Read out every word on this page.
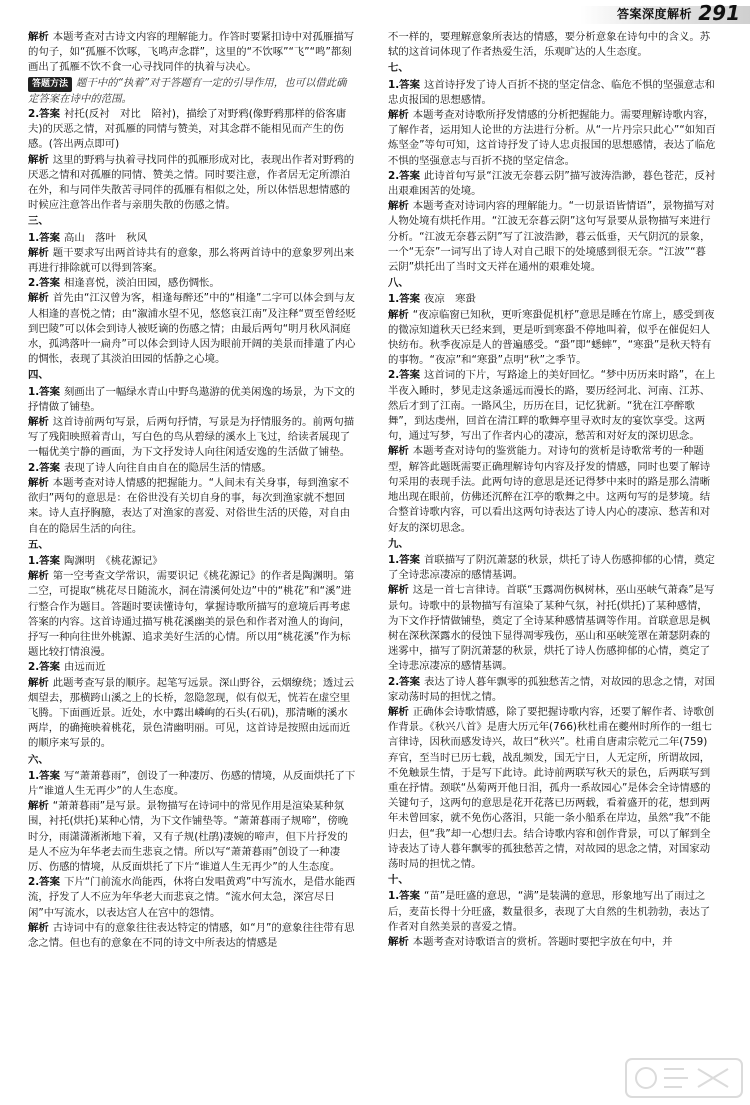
答案深度解析 291
解析 本题考查对古诗文内容的理解能力。作答时要紧扣诗中对孤雁描写的句子，如“孤雁不饮啄，飞鸣声念群”，这里的“不饮啄”“飞”“鸣”都刻画出了孤雁不饮不食一心寻找同伴的执着与决心。
答题方法 题干中的“执着”对于答题有一定的引导作用，也可以借此确定答案在诗中的范围。
2.答案 衬托(反衬　对比　陪衬)，描绘了对野鸦(像野鸦那样的俗客庸夫)的厌恶之情，对孤雁的同情与赞美，对其念群不能相见而产生的伤感。(答出两点即可)
解析 这里的野鸦与执着寻找同伴的孤雁形成对比，表现出作者对野鸦的厌恶之情和对孤雁的同情、赞美之情。同时要注意，作者居无定所漂泊在外，和与同伴失散苦寻同伴的孤雁有相似之处，所以体悟思想情感的时候应注意答出作者与亲朋失散的伤感之情。
三、
1.答案 高山　落叶　秋风
解析 题干要求写出两首诗共有的意象，那么将两首诗中的意象罗列出来再进行排除就可以得到答案。
2.答案 相逢喜悦，淡泊田园，感伤惆怅。
解析 首先由“江汉曾为客，相逢每醉还”中的“相逢”二字可以体会到与友人相逢的喜悦之情；由“溆浦水望不见，悠悠哀江南”及注释“贾至曾经贬到巴陵”可以体会到诗人被贬谪的伤感之情；由最后两句“明月秋风洞庭水，孤鸿落叶一扁舟”可以体会到诗人因为眼前开阔的美景而排遣了内心的惆怅，表现了其淡泊田园的恬静之心境。
四、
1.答案 刻画出了一幅绿水青山中野鸟遨游的优美闲逸的场景，为下文的抒情做了铺垫。
解析 这首诗前两句写景，后两句抒情，写景是为抒情服务的。前两句描写了残阳映照着青山，写白色的鸟从碧绿的溪水上飞过，给读者展现了一幅优美宁静的画面，为下文抒发诗人向往闲适安逸的生活做了铺垫。
2.答案 表现了诗人向往自由自在的隐居生活的情感。
解析 本题考查对诗人情感的把握能力。“人间未有关身事，每到渔家不欲归”两句的意思是：在俗世没有关切自身的事，每次到渔家就不想回来。诗人直抒胸臆，表达了对渔家的喜爱、对俗世生活的厌倦，对自由自在的隐居生活的向往。
五、
1.答案 陶渊明　《桃花源记》
解析 第一空考查文学常识，需要识记《桃花源记》的作者是陶渊明。第二空，可提取“桃花尽日随流水，洞在清溪何处边”中的“桃花”和“溪”进行整合作为题目。答题时要读懂诗句，掌握诗歌所描写的意境后再考虑答案的内容。这首诗通过描写桃花溪幽美的景色和作者对渔人的询问，抒写一种向往世外桃源、追求美好生活的心情。所以用“桃花溪”作为标题比较打情浪漫。
2.答案 由远而近
解析 此题考查写景的顺序。起笔写远景。深山野谷，云烟缭绕；透过云烟望去，那横跨山溪之上的长桥，忽隐忽现，似有似无，恍若在虚空里飞腾。下面画近景。近处，水中露出嶙峋的石头(石矶)，那清晰的溪水两岸，的确掩映着桃花，景色清幽明丽。可见，这首诗是按照由远而近的顺序来写景的。
六、
1.答案 写“萧萧暮雨”，创设了一种凄厉、伤感的情境，从反面烘托了下片“谁道人生无再少”的人生态度。
解析 “萧萧暮雨”是写景。景物描写在诗词中的常见作用是渲染某种氛围，衬托(烘托)某种心情，为下文作铺垫等。“萧萧暮雨子规啼”，傍晚时分，雨潇潇淅淅地下着，又有子规(杜鹃)凄婉的啼声，但下片抒发的是人不应为年华老去而生悲哀之情。所以写“萧萧暮雨”创设了一种凄厉、伤感的情境，从反面烘托了下片“谁道人生无再少”的人生态度。
2.答案 下片“门前流水尚能西，休将白发唱黄鸡”中写流水，是借水能西流，抒发了人不应为年华老大而悲哀之情。“流水何太急，深宫尽日闲”中写流水，以表达宫人在宫中的怨情。
解析 古诗词中有的意象往往表达特定的情感，如“月”的意象往往带有思念之情。但也有的意象在不同的诗文中所表达的情感是
不一样的，要理解意象所表达的情感，要分析意象在诗句中的含义。苏轼的这首词体现了作者热爱生活，乐观旷达的人生态度。
七、
1.答案 这首诗抒发了诗人百折不挠的坚定信念、临危不惧的坚强意志和忠贞报国的思想感情。
解析 本题考查对诗歌所抒发情感的分析把握能力。需要理解诗歌内容，了解作者，运用知人论世的方法进行分析。从“一片丹宗只此心”“如知百炼坚金”等句可知，这首诗抒发了诗人忠贞报国的思想感情，表达了临危不惧的坚强意志与百折不挠的坚定信念。
2.答案 此诗首句写景“江波无奈暮云阴”描写波涛浩渺，暮色苍茫，反衬出艰难困苦的处境。
解析 本题考查对诗词内容的理解能力。“一切景语皆情语”，景物描写对人物处境有烘托作用。“江波无奈暮云阴”这句写景要从景物描写来进行分析。“江波无奈暮云阴”写了江波浩渺，暮云低垂，天气阴沉的景象，一个“无奈”一词写出了诗人对自己眼下的处境感到很无奈。“江波”“暮云阴”烘托出了当时文天祥在通州的艰难处境。
八、
1.答案 夜凉　寒蛩
解析 “夜凉临窗已知秋，更听寒蛩促机杼”意思是睡在竹席上，感受到夜的微凉知道秋天已经来到，更是听到寒蛩不停地叫着，似乎在催促妇人快纺布。秋季夜凉是人的普遍感受。“蛩”即“蟋蟀”，“寒蛩”是秋天特有的事物。“夜凉”和“寒蛩”点明“秋”之季节。
2.答案 这首词的下片，写路途上的美好回忆。“梦中历历来时路”，在上半夜入睡时，梦见走这条遥远而漫长的路，要历经河北、河南、江苏、然后才到了江南。一路风尘，历历在目，记忆犹新。“犹在江亭醉歌舞”，到达虔州，回首在清江畔的歌舞亭里寻欢时友的宴饮享受。这两句，通过写梦，写出了作者内心的凄凉，愁苦和对好友的深切思念。
解析 本题考查对诗句的鉴赏能力。对诗句的赏析是诗歌常考的一种题型，解答此题既需要正确理解诗句内容及抒发的情感，同时也要了解诗句采用的表现手法。此两句诗的意思是还记得梦中来时的路是那么清晰地出现在眼前，仿佛还沉醉在江亭的歌舞之中。这两句写的是梦境。结合整首诗歌内容，可以看出这两句诗表达了诗人内心的凄凉、愁苦和对好友的深切思念。
九、
1.答案 首联描写了阴沉萧瑟的秋景，烘托了诗人伤感抑郁的心情，奠定了全诗悲凉凄凉的感情基调。
解析 这是一首七言律诗。首联“玉露凋伤枫树林，巫山巫峡气萧森”是写景句。诗歌中的景物描写有渲染了某种气氛，衬托(烘托)了某种感情，为下文作抒情做铺垫，奠定了全诗某种感情基调等作用。首联意思是枫树在深秋深露水的侵蚀下显得凋零残伤，巫山和巫峡笼罩在萧瑟阴森的迷雾中，描写了阴沉萧瑟的秋景，烘托了诗人伤感抑郁的心情，奠定了全诗悲凉凄凉的感情基调。
2.答案 表达了诗人暮年飘零的孤独愁苦之情，对故园的思念之情，对国家动荡时局的担忧之情。
解析 正确体会诗歌情感，除了要把握诗歌内容，还要了解作者、诗歌创作背景。《秋兴八首》是唐大历元年(766)秋杜甫在夔州时所作的一组七言律诗，因秋而感发诗兴，故曰“秋兴”。杜甫自唐肃宗乾元二年(759)弃官，至当时已历七载，战乱频发，国无宁日，人无定所，所谓故园，不免触景生情，于是写下此诗。此诗前两联写秋天的景色，后两联写到重在抒情。颈联“丛菊两开他日泪，孤舟一系故园心”是体会全诗情感的关键句子，这两句的意思是花开花落已历两载，看着盛开的花，想到两年未曾回家，就不免伤心落泪，只能一条小船系在岸边，虽然“我”不能归去，但“我”却一心想归去。结合诗歌内容和创作背景，可以了解到全诗表达了诗人暮年飘零的孤独愁苦之情，对故园的思念之情，对国家动荡时局的担忧之情。
十、
1.答案 “苗”是旺盛的意思，“满”是装满的意思，形象地写出了雨过之后，麦苗长得十分旺盛，数量很多，表现了大自然的生机勃勃，表达了作者对自然美景的喜爱之情。
解析 本题考查对诗歌语言的赏析。答题时要把字放在句中，并
